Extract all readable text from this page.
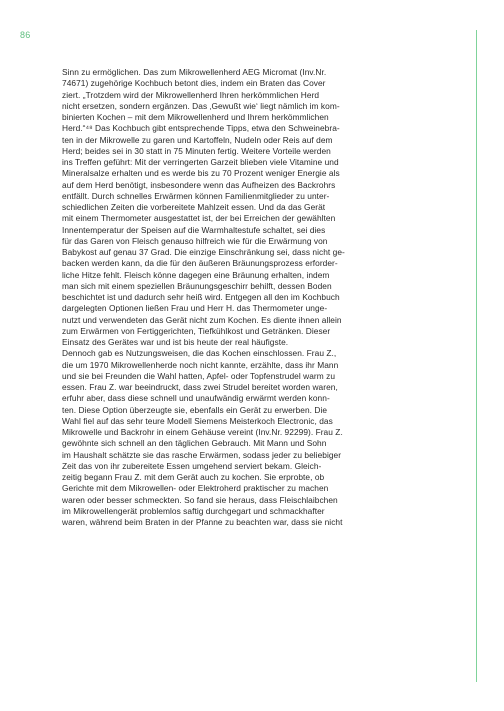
86
Sinn zu ermöglichen. Das zum Mikrowellenherd AEG Micromat (Inv.Nr.
74671) zugehörige Kochbuch betont dies, indem ein Braten das Cover
ziert. „Trotzdem wird der Mikrowellenherd Ihren herkömmlichen Herd
nicht ersetzen, sondern ergänzen. Das ‚Gewußt wie‘ liegt nämlich im kom-
binierten Kochen – mit dem Mikrowellenherd und Ihrem herkömmlichen
Herd.“⁴⁸ Das Kochbuch gibt entsprechende Tipps, etwa den Schweinebra-
ten in der Mikrowelle zu garen und Kartoffeln, Nudeln oder Reis auf dem
Herd; beides sei in 30 statt in 75 Minuten fertig. Weitere Vorteile werden
ins Treffen geführt: Mit der verringerten Garzeit blieben viele Vitamine und
Mineralsalze erhalten und es werde bis zu 70 Prozent weniger Energie als
auf dem Herd benötigt, insbesondere wenn das Aufheizen des Backrohrs
entfällt. Durch schnelles Erwärmen können Familienmitglieder zu unter-
schiedlichen Zeiten die vorbereitete Mahlzeit essen. Und da das Gerät
mit einem Thermometer ausgestattet ist, der bei Erreichen der gewählten
Innentemperatur der Speisen auf die Warmhaltestufe schaltet, sei dies
für das Garen von Fleisch genauso hilfreich wie für die Erwärmung von
Babykost auf genau 37 Grad. Die einzige Einschränkung sei, dass nicht ge-
backen werden kann, da die für den äußeren Bräunungsprozess erforder-
liche Hitze fehlt. Fleisch könne dagegen eine Bräunung erhalten, indem
man sich mit einem speziellen Bräunungsgeschirr behilft, dessen Boden
beschichtet ist und dadurch sehr heiß wird. Entgegen all den im Kochbuch
dargelegten Optionen ließen Frau und Herr H. das Thermometer unge-
nutzt und verwendeten das Gerät nicht zum Kochen. Es diente ihnen allein
zum Erwärmen von Fertiggerichten, Tiefkühlkost und Getränken. Dieser
Einsatz des Gerätes war und ist bis heute der real häufigste.
Dennoch gab es Nutzungsweisen, die das Kochen einschlossen. Frau Z.,
die um 1970 Mikrowellenherde noch nicht kannte, erzählte, dass ihr Mann
und sie bei Freunden die Wahl hatten, Apfel- oder Topfenstrudel warm zu
essen. Frau Z. war beeindruckt, dass zwei Strudel bereitet worden waren,
erfuhr aber, dass diese schnell und unaufwändig erwärmt werden konn-
ten. Diese Option überzeugte sie, ebenfalls ein Gerät zu erwerben. Die
Wahl fiel auf das sehr teure Modell Siemens Meisterkoch Electronic, das
Mikrowelle und Backrohr in einem Gehäuse vereint (Inv.Nr. 92299). Frau Z.
gewöhnte sich schnell an den täglichen Gebrauch. Mit Mann und Sohn
im Haushalt schätzte sie das rasche Erwärmen, sodass jeder zu beliebiger
Zeit das von ihr zubereitete Essen umgehend serviert bekam. Gleich-
zeitig begann Frau Z. mit dem Gerät auch zu kochen. Sie erprobte, ob
Gerichte mit dem Mikrowellen- oder Elektroherd praktischer zu machen
waren oder besser schmeckten. So fand sie heraus, dass Fleischlaibchen
im Mikrowellengerät problemlos saftig durchgegart und schmackhafter
waren, während beim Braten in der Pfanne zu beachten war, dass sie nicht
